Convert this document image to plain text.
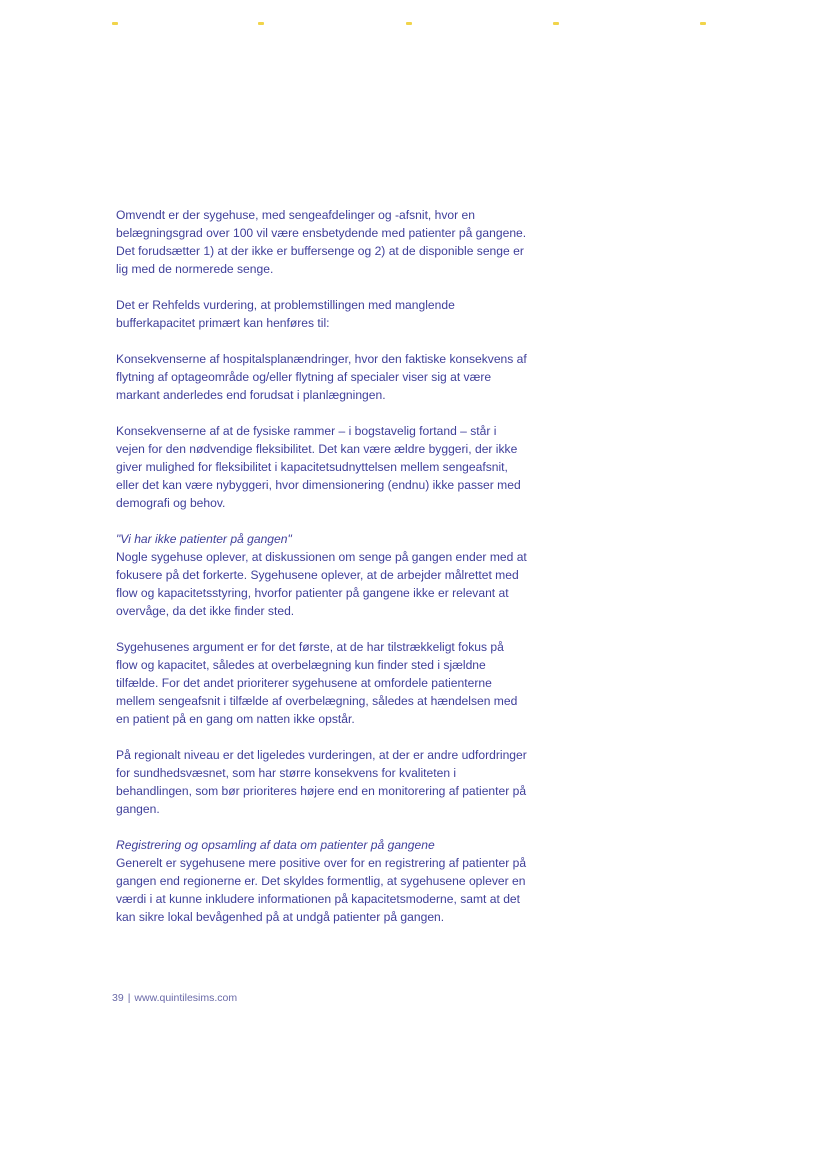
Omvendt er der sygehuse, med sengeafdelinger og -afsnit, hvor en
belægningsgrad over 100 vil være ensbetydende med patienter på gangene.
Det forudsætter 1) at der ikke er buffersenge og 2) at de disponible senge er
lig med de normerede senge.

Det er Rehfelds vurdering, at problemstillingen med manglende
bufferkapacitet primært kan henføres til:

Konsekvenserne af hospitalsplanændringer, hvor den faktiske konsekvens af
flytning af optageområde og/eller flytning af specialer viser sig at være
markant anderledes end forudsat i planlægningen.

Konsekvenserne af at de fysiske rammer – i bogstavelig fortand – står i
vejen for den nødvendige fleksibilitet. Det kan være ældre byggeri, der ikke
giver mulighed for fleksibilitet i kapacitetsudnyttelsen mellem sengeafsnit,
eller det kan være nybyggeri, hvor dimensionering (endnu) ikke passer med
demografi og behov.

"Vi har ikke patienter på gangen"
Nogle sygehuse oplever, at diskussionen om senge på gangen ender med at
fokusere på det forkerte. Sygehusene oplever, at de arbejder målrettet med
flow og kapacitetsstyring, hvorfor patienter på gangene ikke er relevant at
overvåge, da det ikke finder sted.

Sygehusenes argument er for det første, at de har tilstrækkeligt fokus på
flow og kapacitet, således at overbelægning kun finder sted i sjældne
tilfælde. For det andet prioriterer sygehusene at omfordele patienterne
mellem sengeafsnit i tilfælde af overbelægning, således at hændelsen med
en patient på en gang om natten ikke opstår.

På regionalt niveau er det ligeledes vurderingen, at der er andre udfordringer
for sundhedsvæsnet, som har større konsekvens for kvaliteten i
behandlingen, som bør prioriteres højere end en monitorering af patienter på
gangen.

Registrering og opsamling af data om patienter på gangene
Generelt er sygehusene mere positive over for en registrering af patienter på
gangen end regionerne er. Det skyldes formentlig, at sygehusene oplever en
værdi i at kunne inkludere informationen på kapacitetsmoderne, samt at det
kan sikre lokal bevågenhed på at undgå patienter på gangen.

39 | www.quintilesims.com
